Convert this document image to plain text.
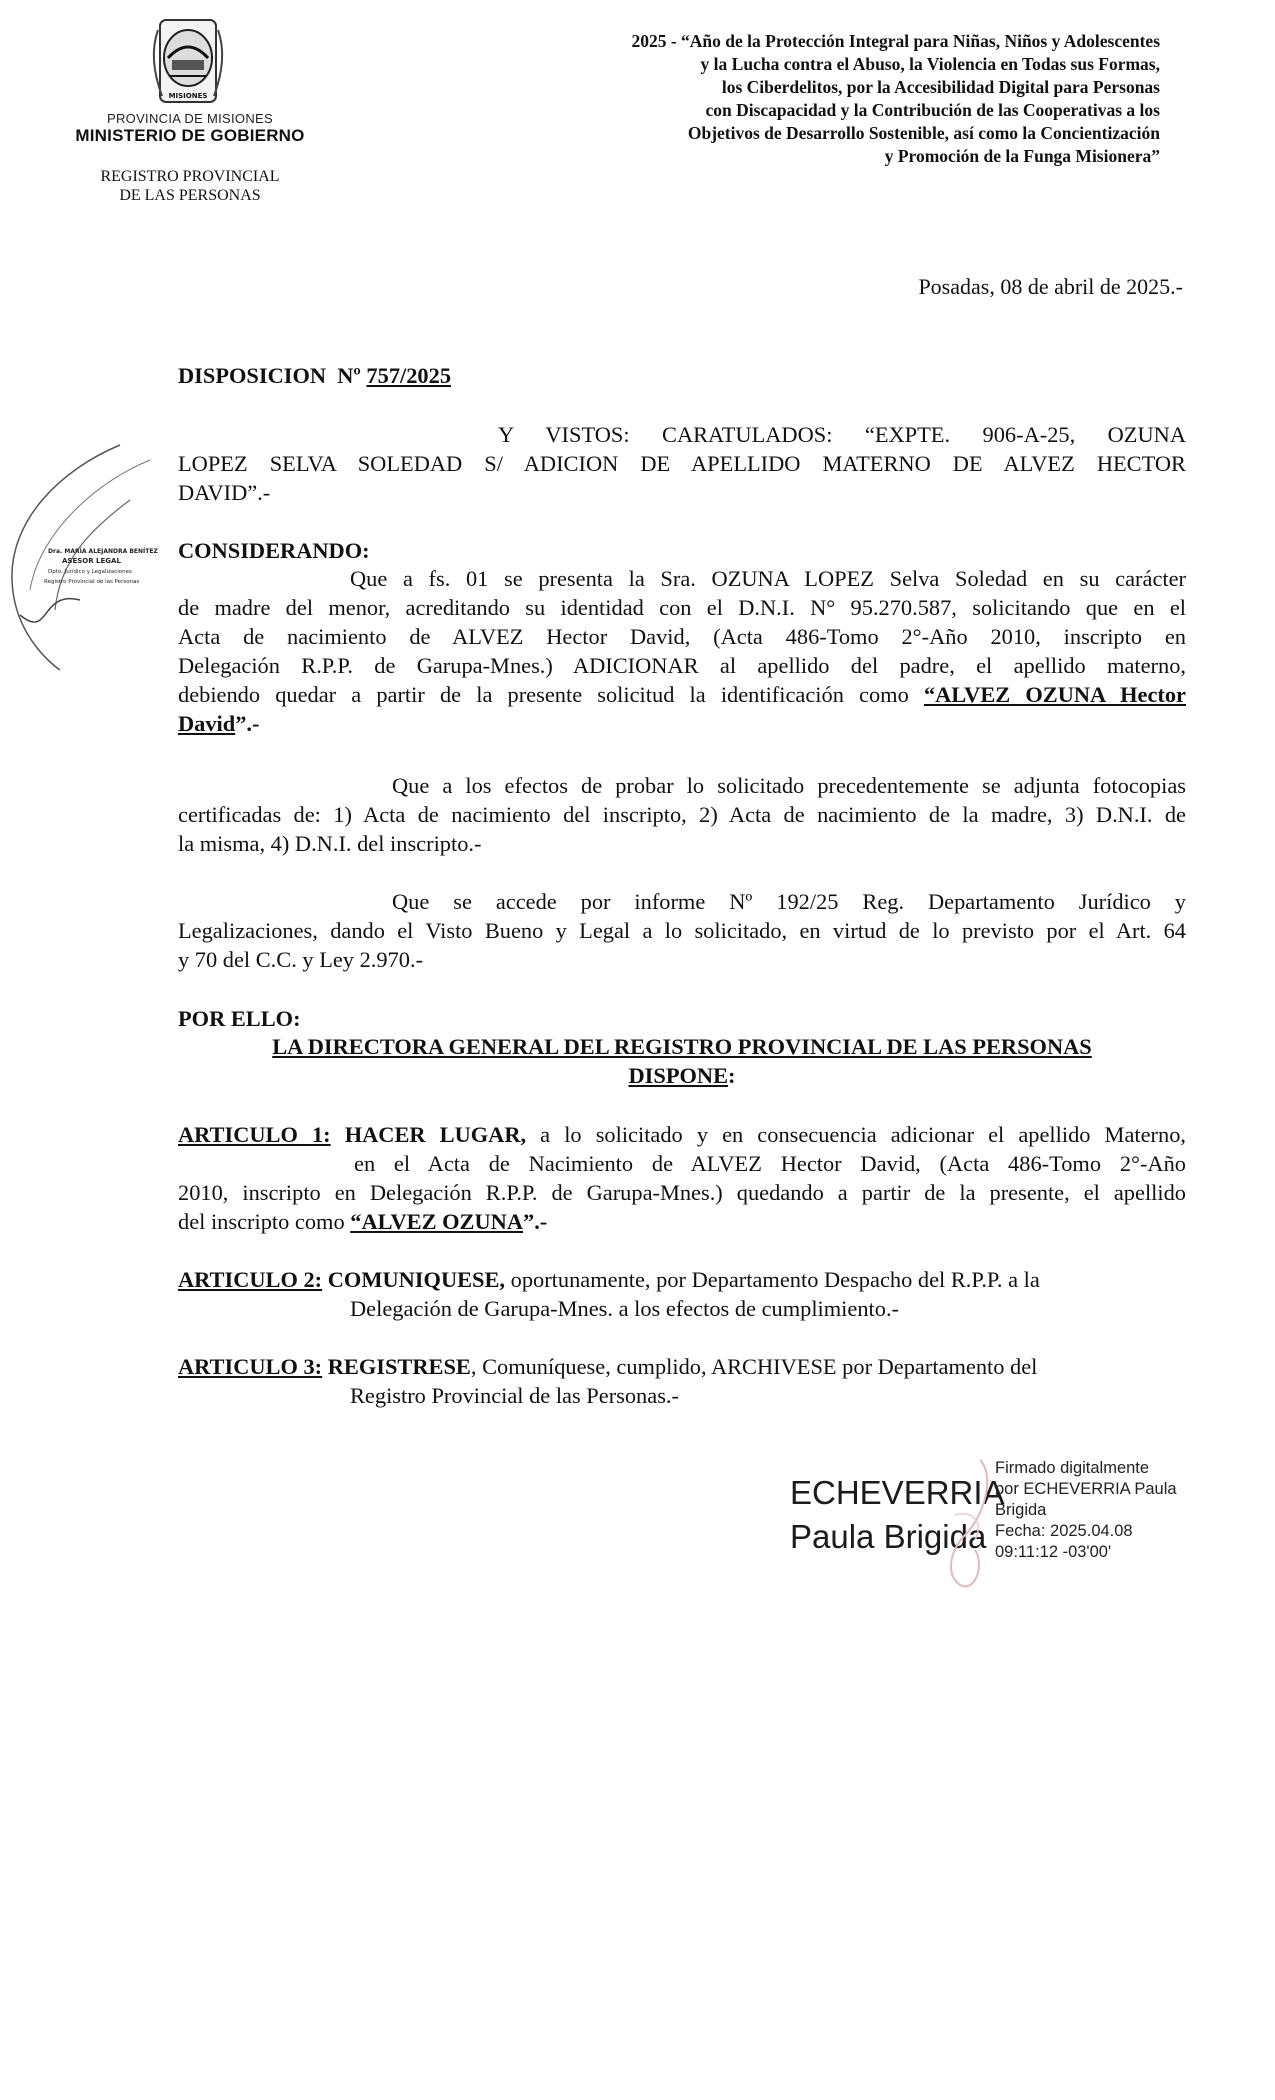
MISIONES
PROVINCIA DE MISIONES
MINISTERIO DE GOBIERNO
REGISTRO PROVINCIAL
DE LAS PERSONAS
2025 - “Año de la Protección Integral para Niñas, Niños y Adolescentes
y la Lucha contra el Abuso, la Violencia en Todas sus Formas,
los Ciberdelitos, por la Accesibilidad Digital para Personas
con Discapacidad y la Contribución de las Cooperativas a los
Objetivos de Desarrollo Sostenible, así como la Concientización
y Promoción de la Funga Misionera”
Posadas, 08 de abril de 2025.-
DISPOSICION  Nº 757/2025
Y VISTOS: CARATULADOS: “EXPTE. 906-A-25, OZUNA
LOPEZ SELVA SOLEDAD S/ ADICION DE APELLIDO MATERNO DE ALVEZ HECTOR
DAVID”.-
CONSIDERANDO:
Que a fs. 01 se presenta la Sra. OZUNA LOPEZ Selva Soledad en su carácter
de madre del menor, acreditando su identidad con el D.N.I. N° 95.270.587, solicitando que en el
Acta de nacimiento de ALVEZ Hector David, (Acta 486-Tomo 2°-Año 2010, inscripto en
Delegación R.P.P. de Garupa-Mnes.) ADICIONAR al apellido del padre, el apellido materno,
debiendo quedar a partir de la presente solicitud la identificación como “ALVEZ OZUNA Hector
David”.-
Que a los efectos de probar lo solicitado precedentemente se adjunta fotocopias
certificadas de: 1) Acta de nacimiento del inscripto, 2) Acta de nacimiento de la madre, 3) D.N.I. de
la misma, 4) D.N.I. del inscripto.-
Que se accede por informe Nº 192/25 Reg. Departamento Jurídico y
Legalizaciones, dando el Visto Bueno y Legal a lo solicitado, en virtud de lo previsto por el Art. 64
y 70 del C.C. y Ley 2.970.-
POR ELLO:
LA DIRECTORA GENERAL DEL REGISTRO PROVINCIAL DE LAS PERSONAS
DISPONE:
ARTICULO 1: HACER LUGAR, a lo solicitado y en consecuencia adicionar el apellido Materno,
en el Acta de Nacimiento de ALVEZ Hector David, (Acta 486-Tomo 2°-Año
2010, inscripto en Delegación R.P.P. de Garupa-Mnes.) quedando a partir de la presente, el apellido
del inscripto como “ALVEZ OZUNA”.-
ARTICULO 2: COMUNIQUESE, oportunamente, por Departamento Despacho del R.P.P. a la
Delegación de Garupa-Mnes. a los efectos de cumplimiento.-
ARTICULO 3: REGISTRESE, Comuníquese, cumplido, ARCHIVESE por Departamento del
Registro Provincial de las Personas.-
Dra. MARÍA ALEJANDRA BENÍTEZ
ASESOR LEGAL
Dpto. Jurídico y Legalizaciones
Registro Provincial de las Personas
ECHEVERRIA
Paula Brigida
Firmado digitalmente
por ECHEVERRIA Paula
Brigida
Fecha: 2025.04.08
09:11:12 -03'00'
